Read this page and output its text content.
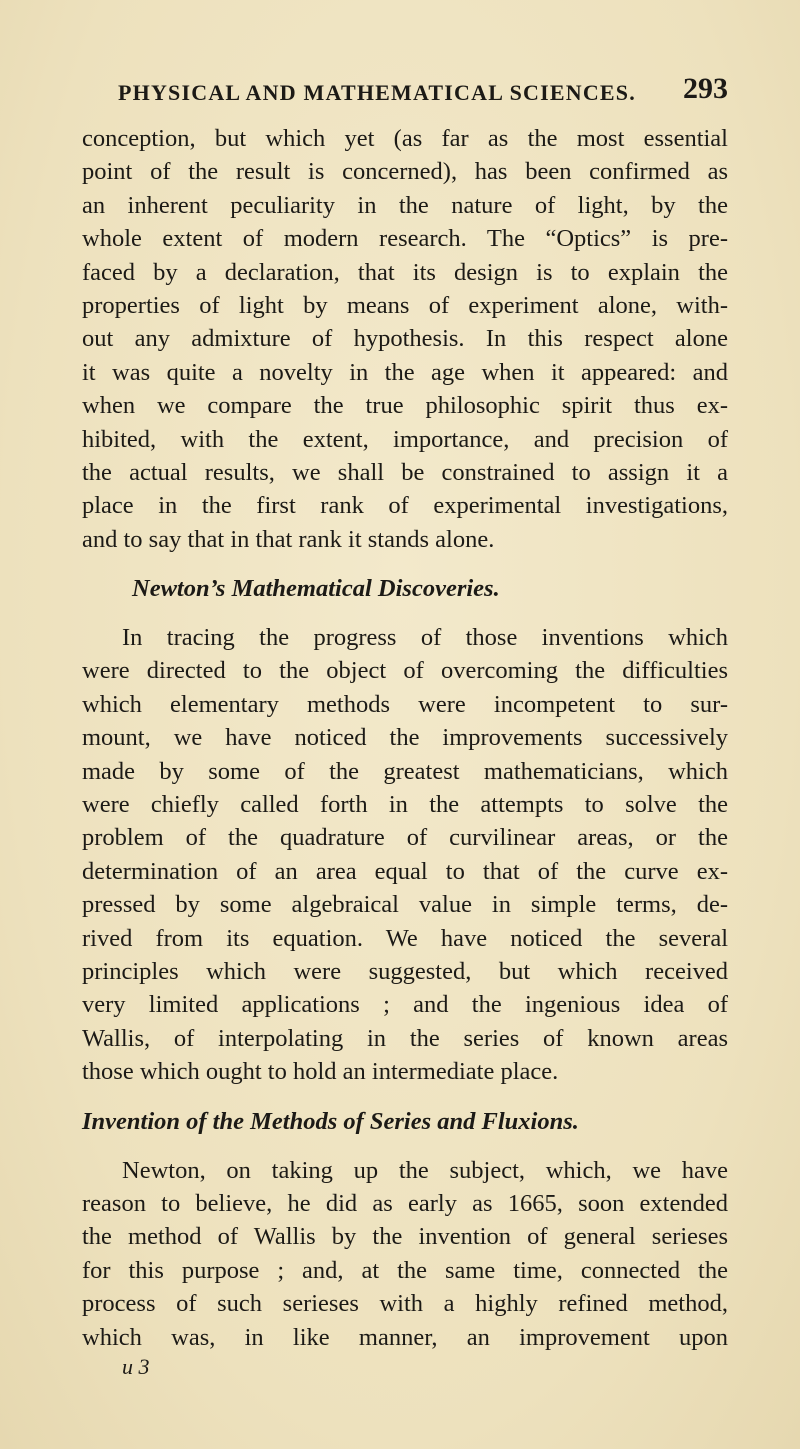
PHYSICAL AND MATHEMATICAL SCIENCES. 293
conception, but which yet (as far as the most essential
point of the result is concerned), has been confirmed as
an inherent peculiarity in the nature of light, by the
whole extent of modern research. The “Optics” is pre-
faced by a declaration, that its design is to explain the
properties of light by means of experiment alone, with-
out any admixture of hypothesis. In this respect alone
it was quite a novelty in the age when it appeared: and
when we compare the true philosophic spirit thus ex-
hibited, with the extent, importance, and precision of
the actual results, we shall be constrained to assign it a
place in the first rank of experimental investigations,
and to say that in that rank it stands alone.
Newton’s Mathematical Discoveries.
In tracing the progress of those inventions which
were directed to the object of overcoming the difficulties
which elementary methods were incompetent to sur-
mount, we have noticed the improvements successively
made by some of the greatest mathematicians, which
were chiefly called forth in the attempts to solve the
problem of the quadrature of curvilinear areas, or the
determination of an area equal to that of the curve ex-
pressed by some algebraical value in simple terms, de-
rived from its equation. We have noticed the several
principles which were suggested, but which received
very limited applications ; and the ingenious idea of
Wallis, of interpolating in the series of known areas
those which ought to hold an intermediate place.
Invention of the Methods of Series and Fluxions.
Newton, on taking up the subject, which, we have
reason to believe, he did as early as 1665, soon extended
the method of Wallis by the invention of general serieses
for this purpose ; and, at the same time, connected the
process of such serieses with a highly refined method,
which was, in like manner, an improvement upon
u 3
